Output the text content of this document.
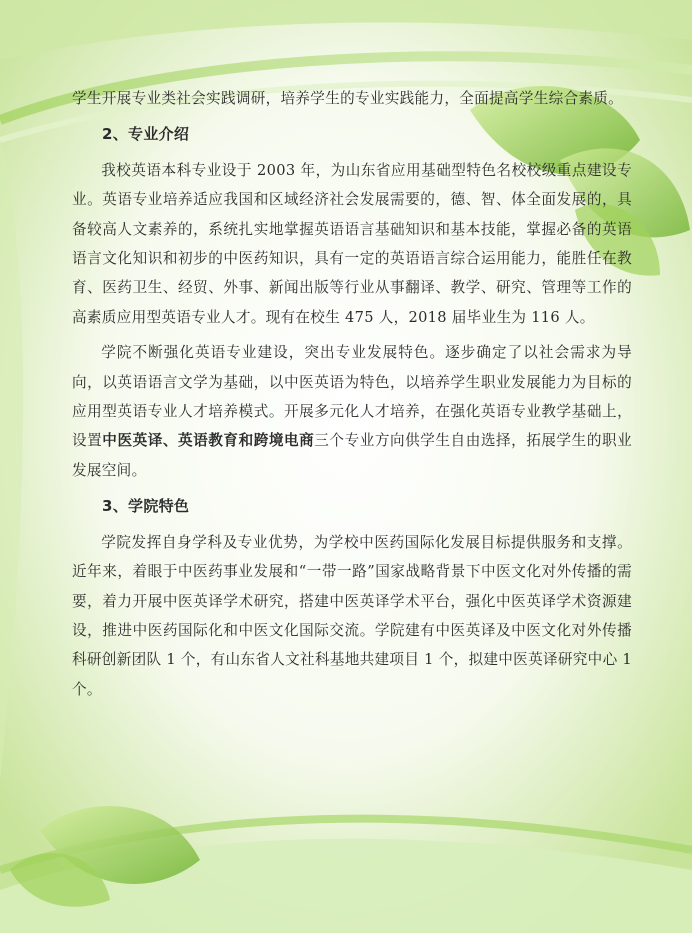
学生开展专业类社会实践调研，培养学生的专业实践能力，全面提高学生综合素质。

2、专业介绍

我校英语本科专业设于 2003 年，为山东省应用基础型特色名校校级重点建设专业。英语专业培养适应我国和区域经济社会发展需要的，德、智、体全面发展的，具备较高人文素养的，系统扎实地掌握英语语言基础知识和基本技能，掌握必备的英语语言文化知识和初步的中医药知识，具有一定的英语语言综合运用能力，能胜任在教育、医药卫生、经贸、外事、新闻出版等行业从事翻译、教学、研究、管理等工作的高素质应用型英语专业人才。现有在校生 475 人，2018 届毕业生为 116 人。

学院不断强化英语专业建设，突出专业发展特色。逐步确定了以社会需求为导向，以英语语言文学为基础，以中医英语为特色，以培养学生职业发展能力为目标的应用型英语专业人才培养模式。开展多元化人才培养，在强化英语专业教学基础上，设置中医英译、英语教育和跨境电商三个专业方向供学生自由选择，拓展学生的职业发展空间。

3、学院特色

学院发挥自身学科及专业优势，为学校中医药国际化发展目标提供服务和支撑。近年来，着眼于中医药事业发展和“一带一路”国家战略背景下中医文化对外传播的需要，着力开展中医英译学术研究，搭建中医英译学术平台，强化中医英译学术资源建设，推进中医药国际化和中医文化国际交流。学院建有中医英译及中医文化对外传播科研创新团队 1 个，有山东省人文社科基地共建项目 1 个，拟建中医英译研究中心 1 个。
